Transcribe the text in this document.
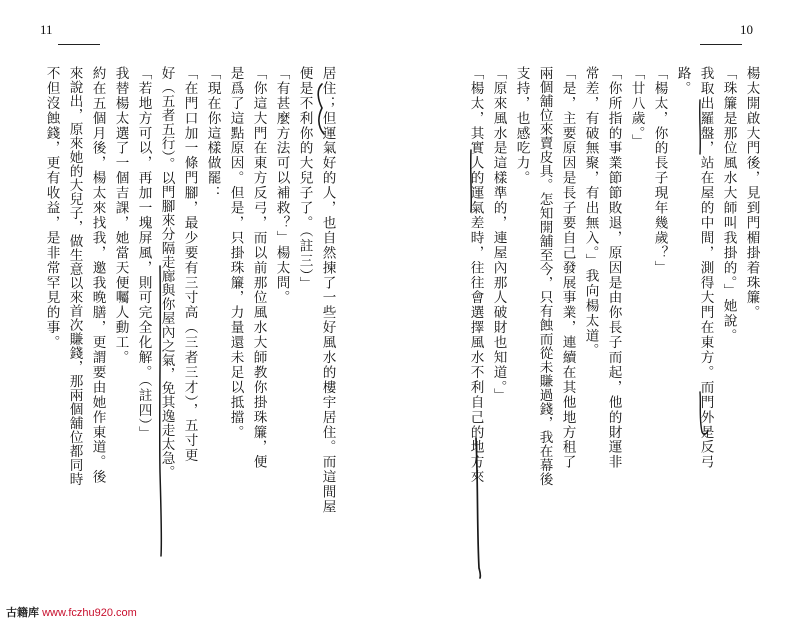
11
居住；但運氣好的人，也自然揀了一些好風水的樓宇居住。而這間屋
便是不利你的大兒子了。（註三）」
「有甚麼方法可以補救？」楊太問。
「你這大門在東方反弓，而以前那位風水大師教你掛珠簾，便
是爲了這點原因。但是，只掛珠簾，力量還未足以抵擋。
「現在你這樣做罷：
「在門口加一條門腳，最少要有三寸高（三者三才），五寸更
好（五者五行）。以門腳來分隔走廊與你屋內之氣，免其逸走太急。
「若地方可以，再加一塊屏風，則可完全化解。（註四）」
我替楊太選了一個吉課，她當天便囑人動工。
約在五個月後，楊太來找我，邀我晚膳，更謂要由她作東道。後
來說出，原來她的大兒子，做生意以來首次賺錢，那兩個舖位都同時
不但沒蝕錢，更有收益，是非常罕見的事。
10
楊太開啟大門後，見到門楣掛着珠簾。
「珠簾是那位風水大師叫我掛的。」她說。
我取出羅盤，站在屋的中間，測得大門在東方。而門外是反弓
路。
「楊太，你的長子現年幾歲？」
「廿八歲。」
「你所指的事業節節敗退，原因是由你長子而起，他的財運非
常差，有破無聚，有出無入。」我向楊太道。
「是，主要原因是長子要自己發展事業，連續在其他地方租了
兩個舖位來賣皮具。怎知開舖至今，只有蝕而從未賺過錢，我在幕後
支持，也感吃力。
「原來風水是這樣準的，連屋內那人破財也知道。」
「楊太，其實人的運氣差時，往往會選擇風水不利自己的地方來
古籍库 www.fczhu920.com
